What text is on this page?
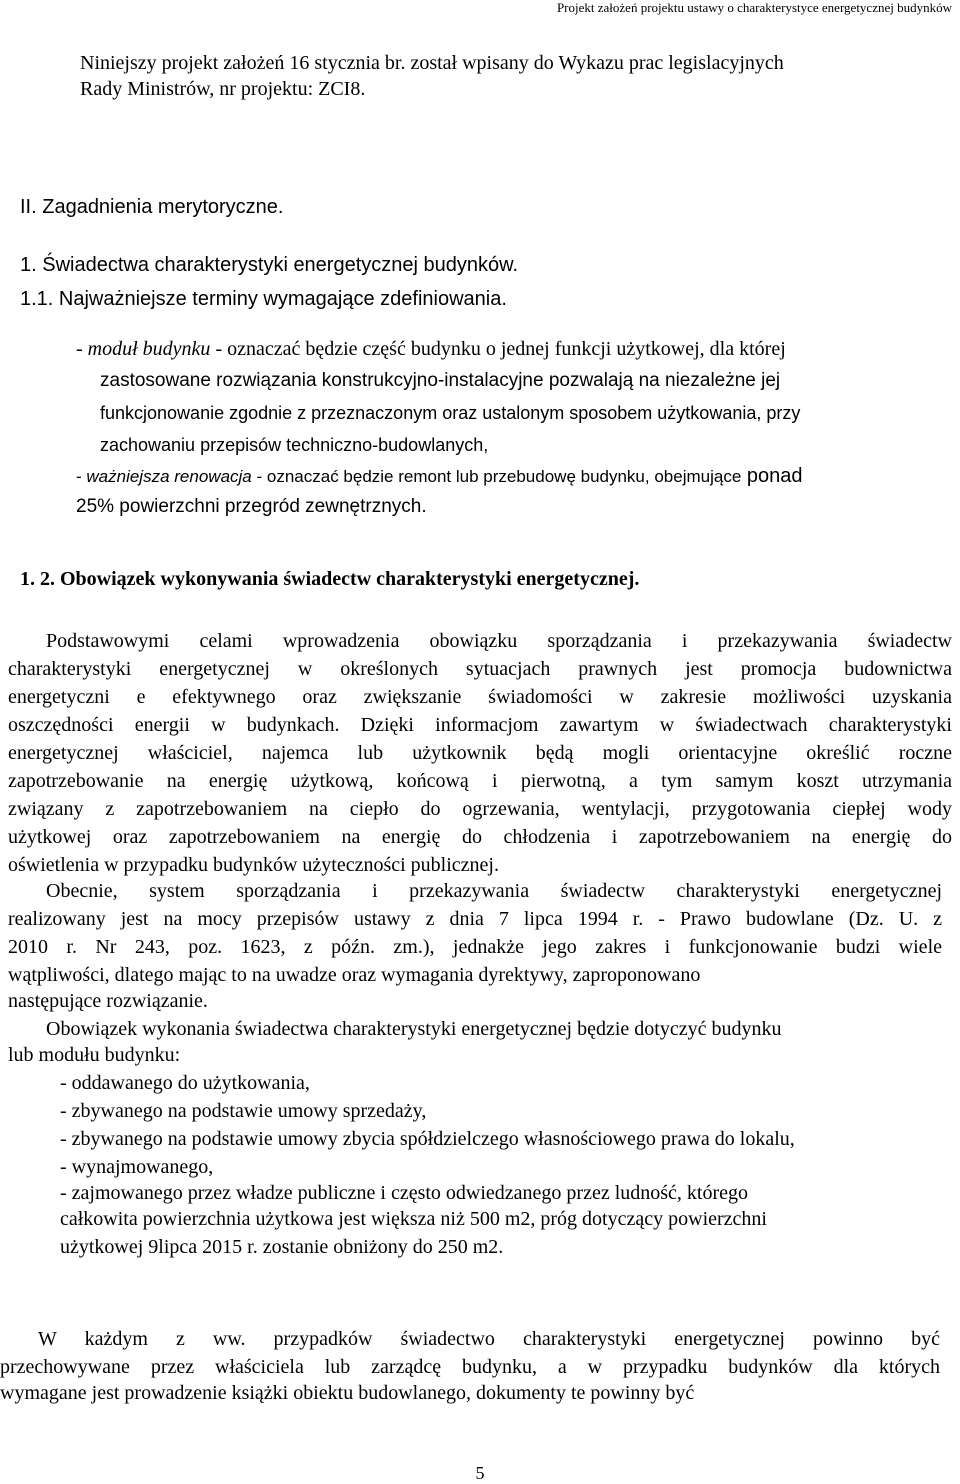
Projekt założeń projektu ustawy o charakterystyce energetycznej budynków

Niniejszy projekt założeń 16 stycznia br. został wpisany do Wykazu prac legislacyjnych

Rady Ministrów, nr projektu: ZCI8.

II. Zagadnienia merytoryczne.
1. Świadectwa charakterystyki energetycznej budynków.
1.1. Najważniejsze terminy wymagające zdefiniowania.

- moduł budynku - oznaczać będzie część budynku o jednej funkcji użytkowej, dla której

zastosowane rozwiązania konstrukcyjno-instalacyjne pozwalają na niezależne jej

funkcjonowanie zgodnie z przeznaczonym oraz ustalonym sposobem użytkowania, przy

zachowaniu przepisów techniczno-budowlanych,

- ważniejsza renowacja - oznaczać będzie remont lub przebudowę budynku, obejmujące ponad

25% powierzchni przegród zewnętrznych.

1. 2. Obowiązek wykonywania świadectw charakterystyki energetycznej.

Podstawowymi celami wprowadzenia obowiązku sporządzania i przekazywania świadectw

charakterystyki energetycznej w określonych sytuacjach prawnych jest promocja budownictwa

energetyczni e efektywnego oraz zwiększanie świadomości w zakresie możliwości uzyskania

oszczędności energii w budynkach. Dzięki informacjom zawartym w świadectwach charakterystyki

energetycznej właściciel, najemca lub użytkownik będą mogli orientacyjne określić roczne

zapotrzebowanie na energię użytkową, końcową i pierwotną, a tym samym koszt utrzymania

związany z zapotrzebowaniem na ciepło do ogrzewania, wentylacji, przygotowania ciepłej wody

użytkowej oraz zapotrzebowaniem na energię do chłodzenia i zapotrzebowaniem na energię do

oświetlenia w przypadku budynków użyteczności publicznej.

Obecnie, system sporządzania i przekazywania świadectw charakterystyki energetycznej

realizowany jest na mocy przepisów ustawy z dnia 7 lipca 1994 r. - Prawo budowlane (Dz. U. z

2010 r. Nr 243, poz. 1623, z późn. zm.), jednakże jego zakres i funkcjonowanie budzi wiele

wątpliwości, dlatego mając to na uwadze oraz wymagania dyrektywy, zaproponowano

następujące rozwiązanie.

Obowiązek wykonania świadectwa charakterystyki energetycznej będzie dotyczyć budynku

lub modułu budynku:

- oddawanego do użytkowania,
- zbywanego na podstawie umowy sprzedaży,
- zbywanego na podstawie umowy zbycia spółdzielczego własnościowego prawa do lokalu,
- wynajmowanego,
- zajmowanego przez władze publiczne i często odwiedzanego przez ludność, którego
całkowita powierzchnia użytkowa jest większa niż 500 m2, próg dotyczący powierzchni
użytkowej 9lipca 2015 r. zostanie obniżony do 250 m2.

W każdym z ww. przypadków świadectwo charakterystyki energetycznej powinno być

przechowywane przez właściciela lub zarządcę budynku, a w przypadku budynków dla których

wymagane jest prowadzenie książki obiektu budowlanego, dokumenty te powinny być

5
